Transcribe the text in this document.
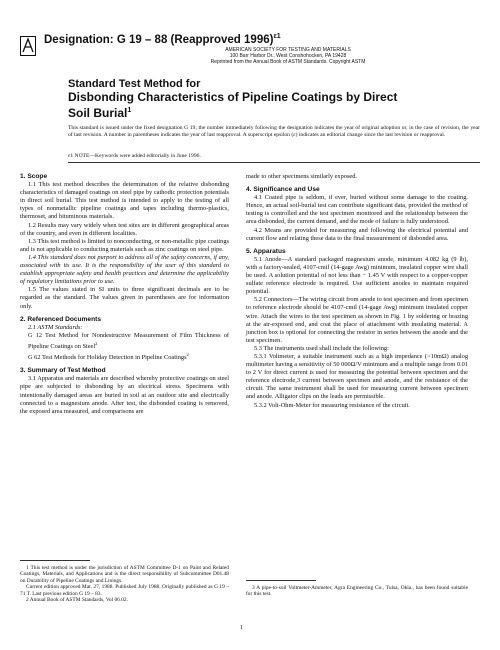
Designation: G 19 – 88 (Reapproved 1996)$^{\varepsilon 1}$
AMERICAN SOCIETY FOR TESTING AND MATERIALS
100 Barr Harbor Dr., West Conshohocken, PA 19428
Reprinted from the Annual Book of ASTM Standards. Copyright ASTM
Standard Test Method for
Disbonding Characteristics of Pipeline Coatings by Direct
Soil Burial$^1$
This standard is issued under the fixed designation G 19; the number immediately following the designation indicates the year of original adoption or, in the case of revision, the year of last revision. A number in parentheses indicates the year of last reapproval. A superscript epsilon (ε) indicates an editorial change since the last revision or reapproval.
ε1 NOTE—Keywords were added editorially in June 1996.
1. Scope

1.1 This test method describes the determination of the relative disbonding characteristics of damaged coatings on steel pipe by cathodic protection potentials in direct soil burial. This test method is intended to apply to the testing of all types of nonmetallic pipeline coatings and tapes including thermo-plastics, thermoset, and bituminous materials.

1.2 Results may vary widely when test sites are in different geographical areas of the country, and even in different localities.

1.3 This test method is limited to nonconducting, or non-metallic pipe coatings and is not applicable to conducting materials such as zinc coatings on steel pipe.

1.4 This standard does not purport to address all of the safety concerns, if any, associated with its use. It is the responsibility of the user of this standard to establish appropriate safety and health practices and determine the applicability of regulatory limitations prior to use.

1.5 The values stated in SI units to three significant decimals are to be regarded as the standard. The values given in parentheses are for information only.

2. Referenced Documents

2.1 ASTM Standards:

G 12 Test Method for Nondestructive Measurement of Film Thickness of Pipeline Coatings on Steel$^2$

G 62 Test Methods for Holiday Detection in Pipeline Coatings$^2$

3. Summary of Test Method

3.1 Apparatus and materials are described whereby protective coatings on steel pipe are subjected to disbonding by an electrical stress. Specimens with intentionally damaged areas are buried in soil at an outdoor site and electrically connected to a magnesium anode. After test, the disbonded coating is removed, the exposed area measured, and comparisons are

1 This test method is under the jurisdiction of ASTM Committee D-1 on Paint and Related Coatings, Materials, and Applications and is the direct responsibility of Subcommittee D01.48 on Durability of Pipeline Coatings and Linings.

Current edition approved Mar. 27, 1988. Published July 1988. Originally published as G 19 – 71 T. Last previous edition G 19 – 83.

2 Annual Book of ASTM Standards, Vol 06.02.

made to other specimens similarly exposed.

4. Significance and Use

4.1 Coated pipe is seldom, if ever, buried without some damage to the coating. Hence, an actual soil-burial test can contribute significant data, provided the method of testing is controlled and the test specimen monitored and the relationship between the area disbonded, the current demand, and the mode of failure is fully understood.

4.2 Means are provided for measuring and following the electrical potential and current flow and relating these data to the final measurement of disbonded area.

5. Apparatus

5.1 Anode—A standard packaged magnesium anode, minimum 4.082 kg (9 lb), with a factory-sealed, 4107-cmil (14-gage Awg) minimum, insulated copper wire shall be used. A solution potential of not less than − 1.45 V with respect to a copper-copper sulfate reference electrode is required. Use sufficient anodes to maintain required potential.

5.2 Connectors—The wiring circuit from anode to test specimen and from specimen to reference electrode should be 4107-cmil (14-gage Awg) minimum insulated copper wire. Attach the wires to the test specimen as shown in Fig. 1 by soldering or brazing at the air-exposed end, and coat the place of attachment with insulating material. A junction box is optional for connecting the resistor in series between the anode and the test specimen.

5.3 The instruments used shall include the following:

5.3.1 Voltmeter, a suitable instrument such as a high impedance (>10mΩ) analog multimeter having a sensitivity of 50 000Ω/V minimum and a multiple range from 0.01 to 2 V for direct current is used for measuring the potential between specimen and the reference electrode,3 current between specimen and anode, and the resistance of the circuit. The same instrument shall be used for measuring current between specimen and anode. Alligator clips on the leads are permissible.

5.3.2 Volt-Ohm-Meter for measuring resistance of the circuit.

3 A pipe-to-soil Voltmeter-Ammeter, Agra Engineering Co., Tulsa, Okla., has been found suitable for this test.

1
